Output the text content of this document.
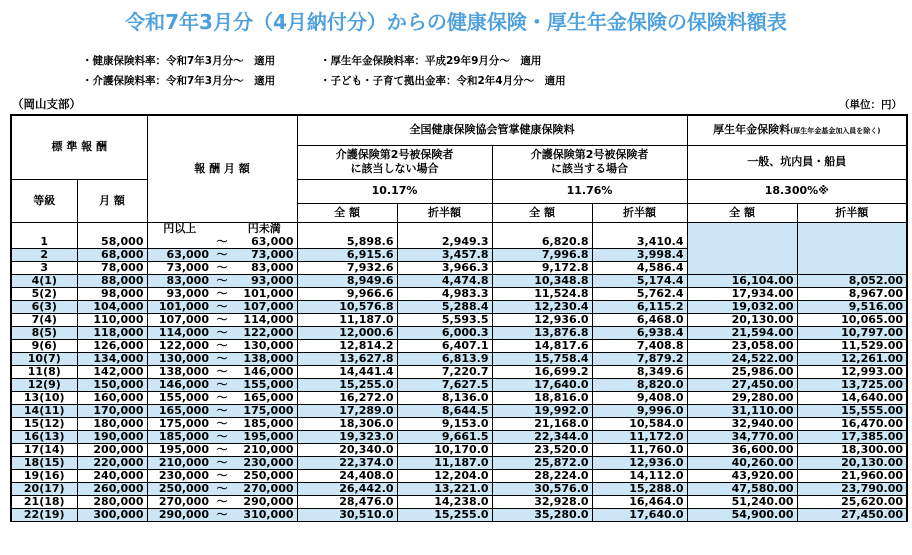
令和7年3月分（4月納付分）からの健康保険・厚生年金保険の保険料額表
・健康保険料率：令和7年3月分～　適用	・厚生年金保険料率：平成29年9月分～　適用
・介護保険料率：令和7年3月分～　適用	・子ども・子育て拠出金率：令和2年4月分～　適用
（岡山支部）	（単位：円）
標 準 報 酬		報 酬 月 額			全国健康保険協会管掌健康保険料				厚生年金保険料(厚生年金基金加入員を除く)	
					介護保険第2号被保険者
に該当しない場合		介護保険第2号被保険者
に該当する場合		一般、坑内員・船員	
等級	月 額				10.17%		11.76%		18.300%※	
					全 額	折半額	全 額	折半額	全 額	折半額
		円以上		円未満						
1	58,000		～	63,000	5,898.6	2,949.3	6,820.8	3,410.4		
2	68,000	63,000	～	73,000	6,915.6	3,457.8	7,996.8	3,998.4		
3	78,000	73,000	～	83,000	7,932.6	3,966.3	9,172.8	4,586.4		
4(1)	88,000	83,000	～	93,000	8,949.6	4,474.8	10,348.8	5,174.4	16,104.00	8,052.00
5(2)	98,000	93,000	～	101,000	9,966.6	4,983.3	11,524.8	5,762.4	17,934.00	8,967.00
6(3)	104,000	101,000	～	107,000	10,576.8	5,288.4	12,230.4	6,115.2	19,032.00	9,516.00
7(4)	110,000	107,000	～	114,000	11,187.0	5,593.5	12,936.0	6,468.0	20,130.00	10,065.00
8(5)	118,000	114,000	～	122,000	12,000.6	6,000.3	13,876.8	6,938.4	21,594.00	10,797.00
9(6)	126,000	122,000	～	130,000	12,814.2	6,407.1	14,817.6	7,408.8	23,058.00	11,529.00
10(7)	134,000	130,000	～	138,000	13,627.8	6,813.9	15,758.4	7,879.2	24,522.00	12,261.00
11(8)	142,000	138,000	～	146,000	14,441.4	7,220.7	16,699.2	8,349.6	25,986.00	12,993.00
12(9)	150,000	146,000	～	155,000	15,255.0	7,627.5	17,640.0	8,820.0	27,450.00	13,725.00
13(10)	160,000	155,000	～	165,000	16,272.0	8,136.0	18,816.0	9,408.0	29,280.00	14,640.00
14(11)	170,000	165,000	～	175,000	17,289.0	8,644.5	19,992.0	9,996.0	31,110.00	15,555.00
15(12)	180,000	175,000	～	185,000	18,306.0	9,153.0	21,168.0	10,584.0	32,940.00	16,470.00
16(13)	190,000	185,000	～	195,000	19,323.0	9,661.5	22,344.0	11,172.0	34,770.00	17,385.00
17(14)	200,000	195,000	～	210,000	20,340.0	10,170.0	23,520.0	11,760.0	36,600.00	18,300.00
18(15)	220,000	210,000	～	230,000	22,374.0	11,187.0	25,872.0	12,936.0	40,260.00	20,130.00
19(16)	240,000	230,000	～	250,000	24,408.0	12,204.0	28,224.0	14,112.0	43,920.00	21,960.00
20(17)	260,000	250,000	～	270,000	26,442.0	13,221.0	30,576.0	15,288.0	47,580.00	23,790.00
21(18)	280,000	270,000	～	290,000	28,476.0	14,238.0	32,928.0	16,464.0	51,240.00	25,620.00
22(19)	300,000	290,000	～	310,000	30,510.0	15,255.0	35,280.0	17,640.0	54,900.00	27,450.00
